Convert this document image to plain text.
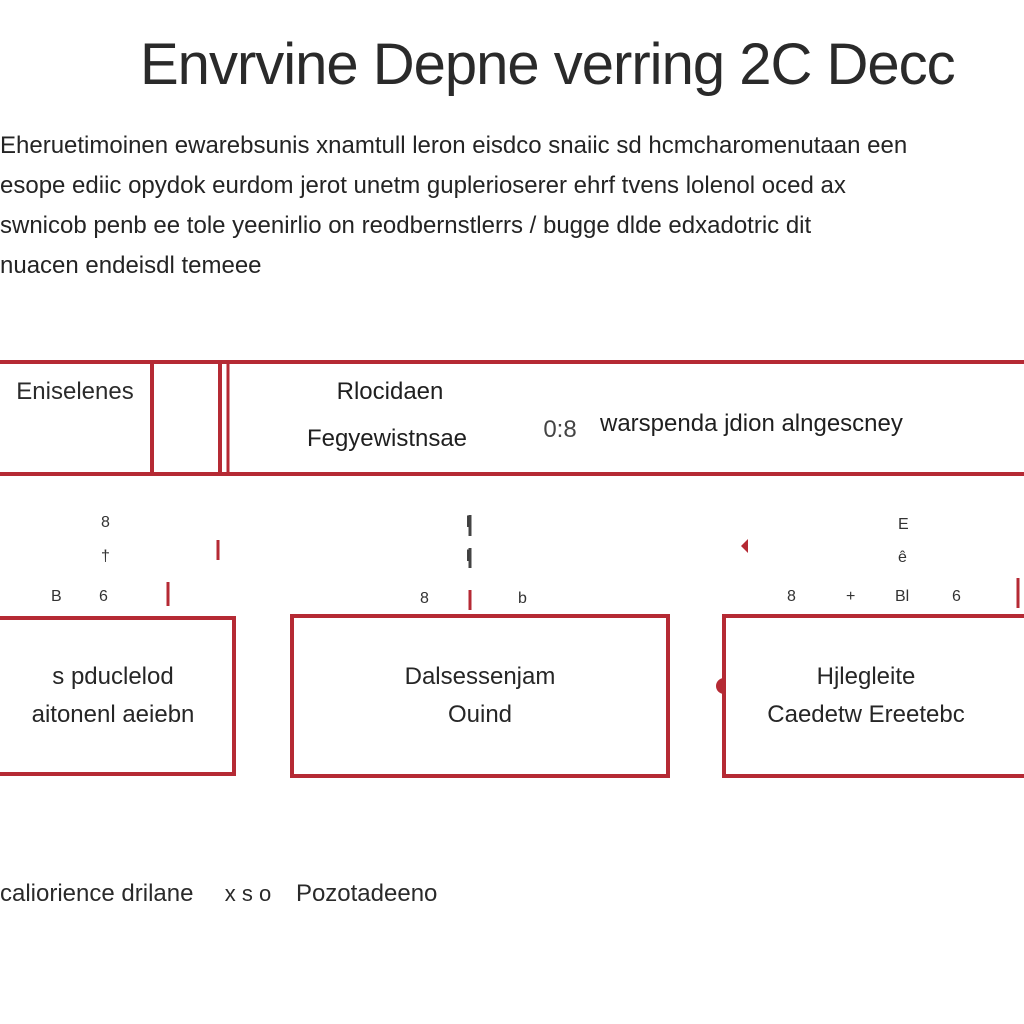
Envrvine Depne verring 2C Decc
Eheruetimoinen ewarebsunis xnamtull leron eisdco snaiic sd hcmcharomenutaan een
esope ediic opydok eurdom jerot unetm guplerioserer ehrf tvens lolenol oced ax
swnicob penb ee tole yeenirlio on reodbernstlerrs / bugge dlde edxadotric dit
nuacen endeisdl temeee
Eniselenes	Rlocidaen
Fegyewistnsae	0:8 warspenda jdion alngescney
8
†
B 6
l
l
8	b
E
ê
8	+ Bl	6
s pduclelod
aitonenl aeiebn
Dalsessenjam
Ouind
Hjlegleite
Caedetw Ereetebc
caliorience drilane x s o Pozotadeeno
